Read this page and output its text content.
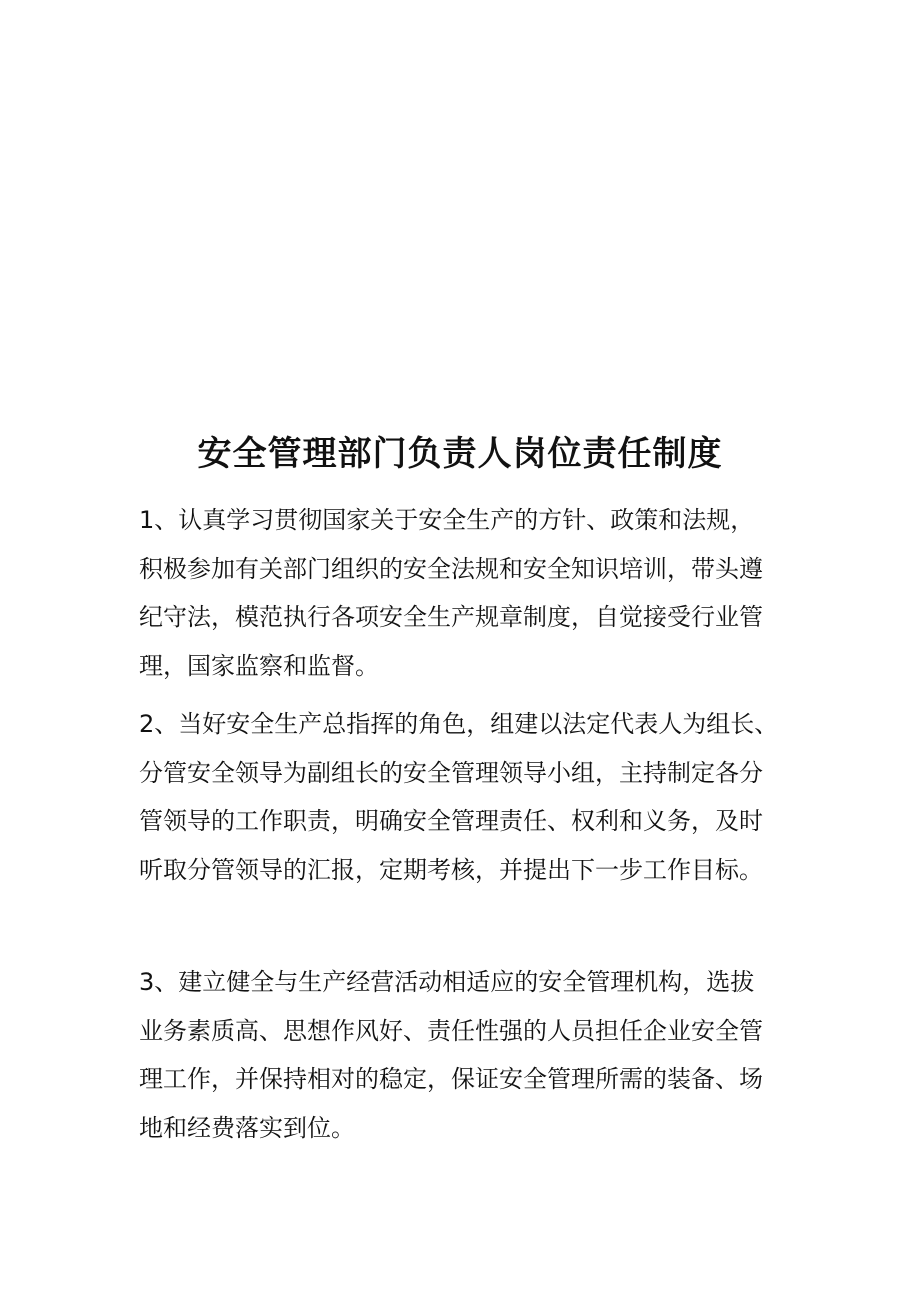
安全管理部门负责人岗位责任制度
1、认真学习贯彻国家关于安全生产的方针、政策和法规，
积极参加有关部门组织的安全法规和安全知识培训，带头遵
纪守法，模范执行各项安全生产规章制度，自觉接受行业管
理，国家监察和监督。
2、当好安全生产总指挥的角色，组建以法定代表人为组长、
分管安全领导为副组长的安全管理领导小组，主持制定各分
管领导的工作职责，明确安全管理责任、权利和义务，及时
听取分管领导的汇报，定期考核，并提出下一步工作目标。
3、建立健全与生产经营活动相适应的安全管理机构，选拔
业务素质高、思想作风好、责任性强的人员担任企业安全管
理工作，并保持相对的稳定，保证安全管理所需的装备、场
地和经费落实到位。
